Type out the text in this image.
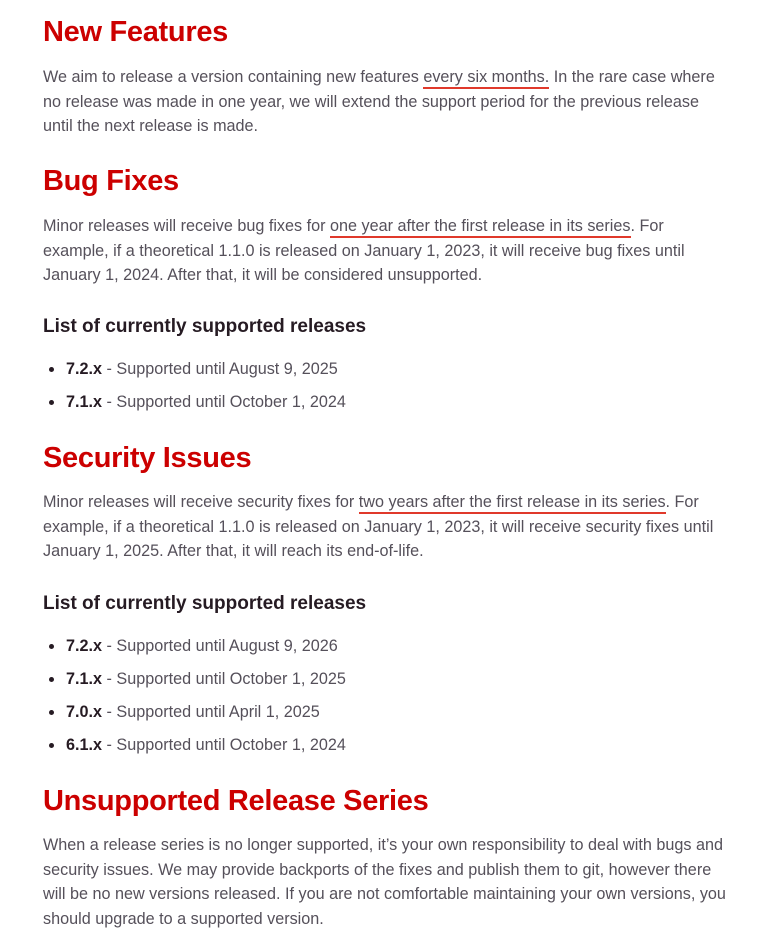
New Features

We aim to release a version containing new features every six months. In the rare case where no release was made in one year, we will extend the support period for the previous release until the next release is made.

Bug Fixes

Minor releases will receive bug fixes for one year after the first release in its series. For example, if a theoretical 1.1.0 is released on January 1, 2023, it will receive bug fixes until January 1, 2024. After that, it will be considered unsupported.

List of currently supported releases
7.2.x - Supported until August 9, 2025
7.1.x - Supported until October 1, 2024
Security Issues

Minor releases will receive security fixes for two years after the first release in its series. For example, if a theoretical 1.1.0 is released on January 1, 2023, it will receive security fixes until January 1, 2025. After that, it will reach its end-of-life.

List of currently supported releases
7.2.x - Supported until August 9, 2026
7.1.x - Supported until October 1, 2025
7.0.x - Supported until April 1, 2025
6.1.x - Supported until October 1, 2024
Unsupported Release Series

When a release series is no longer supported, it’s your own responsibility to deal with bugs and security issues. We may provide backports of the fixes and publish them to git, however there will be no new versions released. If you are not comfortable maintaining your own versions, you should upgrade to a supported version.
